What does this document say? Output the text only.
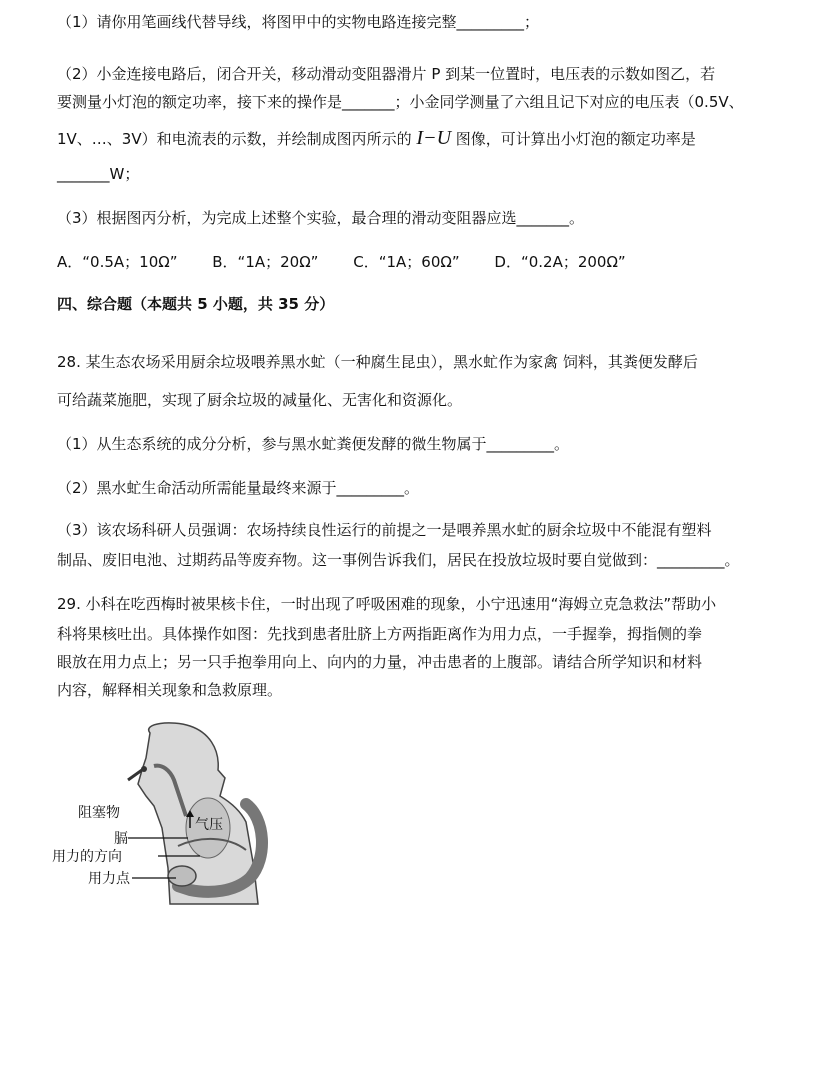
（1）请你用笔画线代替导线，将图甲中的实物电路连接完整_________；
（2）小金连接电路后，闭合开关，移动滑动变阻器滑片 P 到某一位置时，电压表的示数如图乙，若
要测量小灯泡的额定功率，接下来的操作是_______；小金同学测量了六组且记下对应的电压表（0.5V、
1V、…、3V）和电流表的示数，并绘制成图丙所示的 I−U 图像，可计算出小灯泡的额定功率是
_______W；
（3）根据图丙分析，为完成上述整个实验，最合理的滑动变阻器应选_______。
A．“0.5A；10Ω” B．“1A；20Ω” C．“1A；60Ω” D．“0.2A；200Ω”
四、综合题（本题共 5 小题，共 35 分）
28. 某生态农场采用厨余垃圾喂养黑水虻（一种腐生昆虫），黑水虻作为家禽 饲料，其粪便发酵后
可给蔬菜施肥，实现了厨余垃圾的减量化、无害化和资源化。
（1）从生态系统的成分分析，参与黑水虻粪便发酵的微生物属于_________。
（2）黑水虻生命活动所需能量最终来源于_________。
（3）该农场科研人员强调：农场持续良性运行的前提之一是喂养黑水虻的厨余垃圾中不能混有塑料
制品、废旧电池、过期药品等废弃物。这一事例告诉我们，居民在投放垃圾时要自觉做到：_________。
29. 小科在吃西梅时被果核卡住，一时出现了呼吸困难的现象，小宁迅速用“海姆立克急救法”帮助小
科将果核吐出。具体操作如图：先找到患者肚脐上方两指距离作为用力点，一手握拳，拇指侧的拳
眼放在用力点上；另一只手抱拳用向上、向内的力量，冲击患者的上腹部。请结合所学知识和材料
内容，解释相关现象和急救原理。
阻塞物
气压
膈
用力的方向
用力点
